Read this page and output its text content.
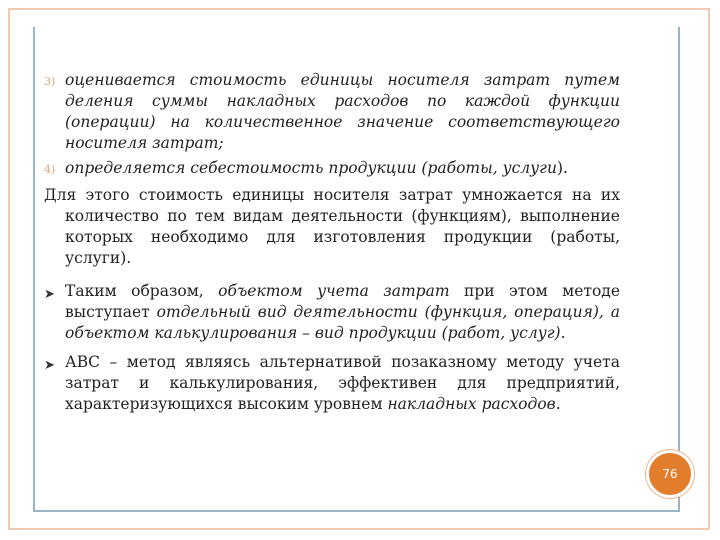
3) оценивается стоимость единицы носителя затрат путем деления суммы накладных расходов по каждой функции (операции) на количественное значение соответствующего носителя затрат;

4) определяется себестоимость продукции (работы, услуги).

Для этого стоимость единицы носителя затрат умножается на их количество по тем видам деятельности (функциям), выполнение которых необходимо для изготовления продукции (работы, услуги).

➤ Таким образом, объектом учета затрат при этом методе выступает отдельный вид деятельности (функция, операция), а объектом калькулирования – вид продукции (работ, услуг).

➤ АВС – метод являясь альтернативой позаказному методу учета затрат и калькулирования, эффективен для предприятий, характеризующихся высоким уровнем накладных расходов.

76
